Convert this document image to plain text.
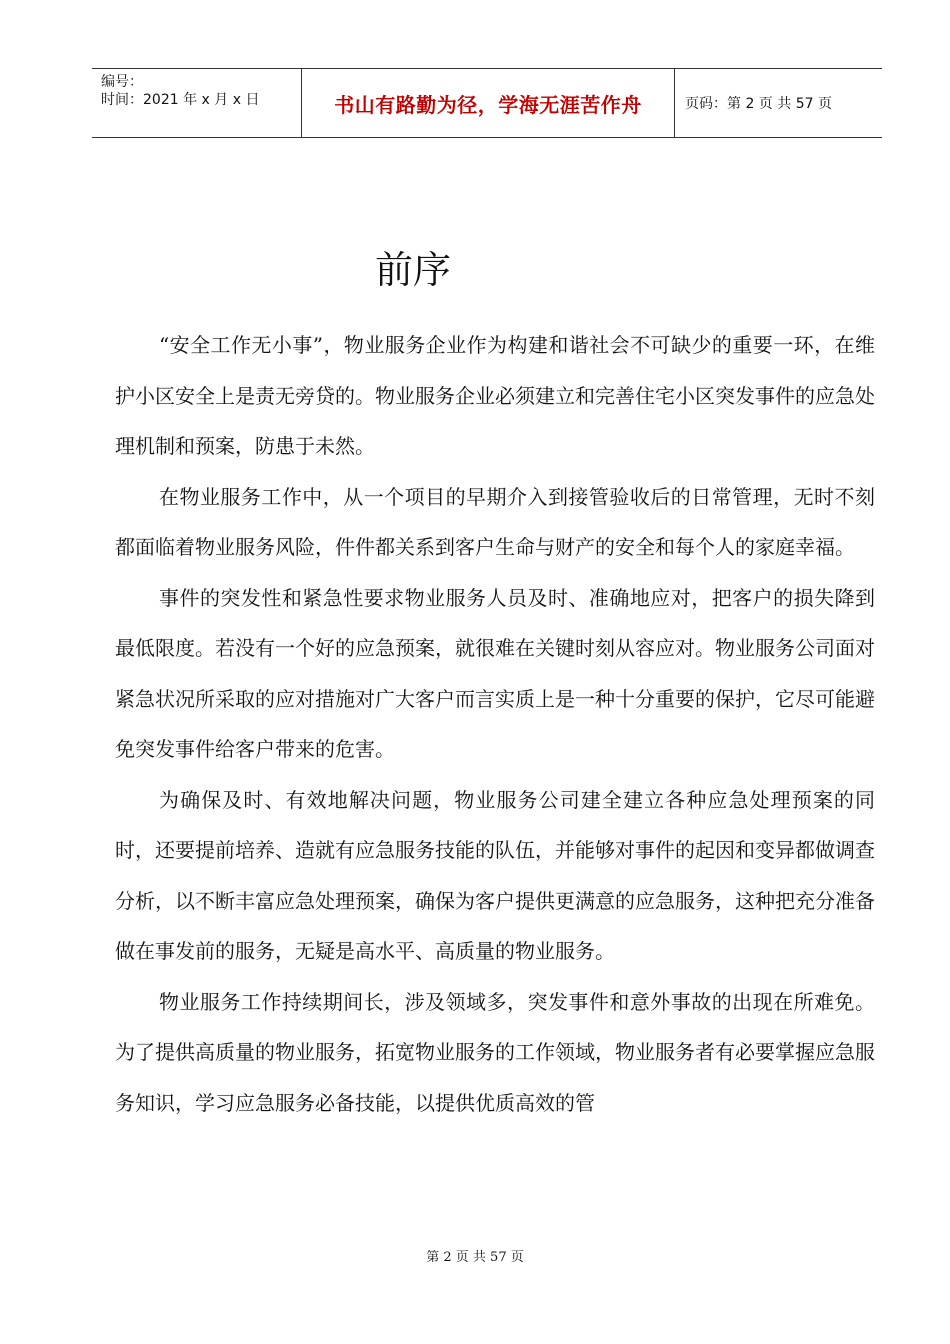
编号：
时间：2021 年 x 月 x 日	书山有路勤为径，学海无涯苦作舟	页码：第 2 页 共 57 页
前序

“安全工作无小事”，物业服务企业作为构建和谐社会不可缺少的重要一环，在维护小区安全上是责无旁贷的。物业服务企业必须建立和完善住宅小区突发事件的应急处理机制和预案，防患于未然。

在物业服务工作中，从一个项目的早期介入到接管验收后的日常管理，无时不刻都面临着物业服务风险，件件都关系到客户生命与财产的安全和每个人的家庭幸福。

事件的突发性和紧急性要求物业服务人员及时、准确地应对，把客户的损失降到最低限度。若没有一个好的应急预案，就很难在关键时刻从容应对。物业服务公司面对紧急状况所采取的应对措施对广大客户而言实质上是一种十分重要的保护，它尽可能避免突发事件给客户带来的危害。

为确保及时、有效地解决问题，物业服务公司建全建立各种应急处理预案的同时，还要提前培养、造就有应急服务技能的队伍，并能够对事件的起因和变异都做调查分析，以不断丰富应急处理预案，确保为客户提供更满意的应急服务，这种把充分准备做在事发前的服务，无疑是高水平、高质量的物业服务。

物业服务工作持续期间长，涉及领域多，突发事件和意外事故的出现在所难免。为了提供高质量的物业服务，拓宽物业服务的工作领域，物业服务者有必要掌握应急服务知识，学习应急服务必备技能，以提供优质高效的管

第 2 页 共 57 页
